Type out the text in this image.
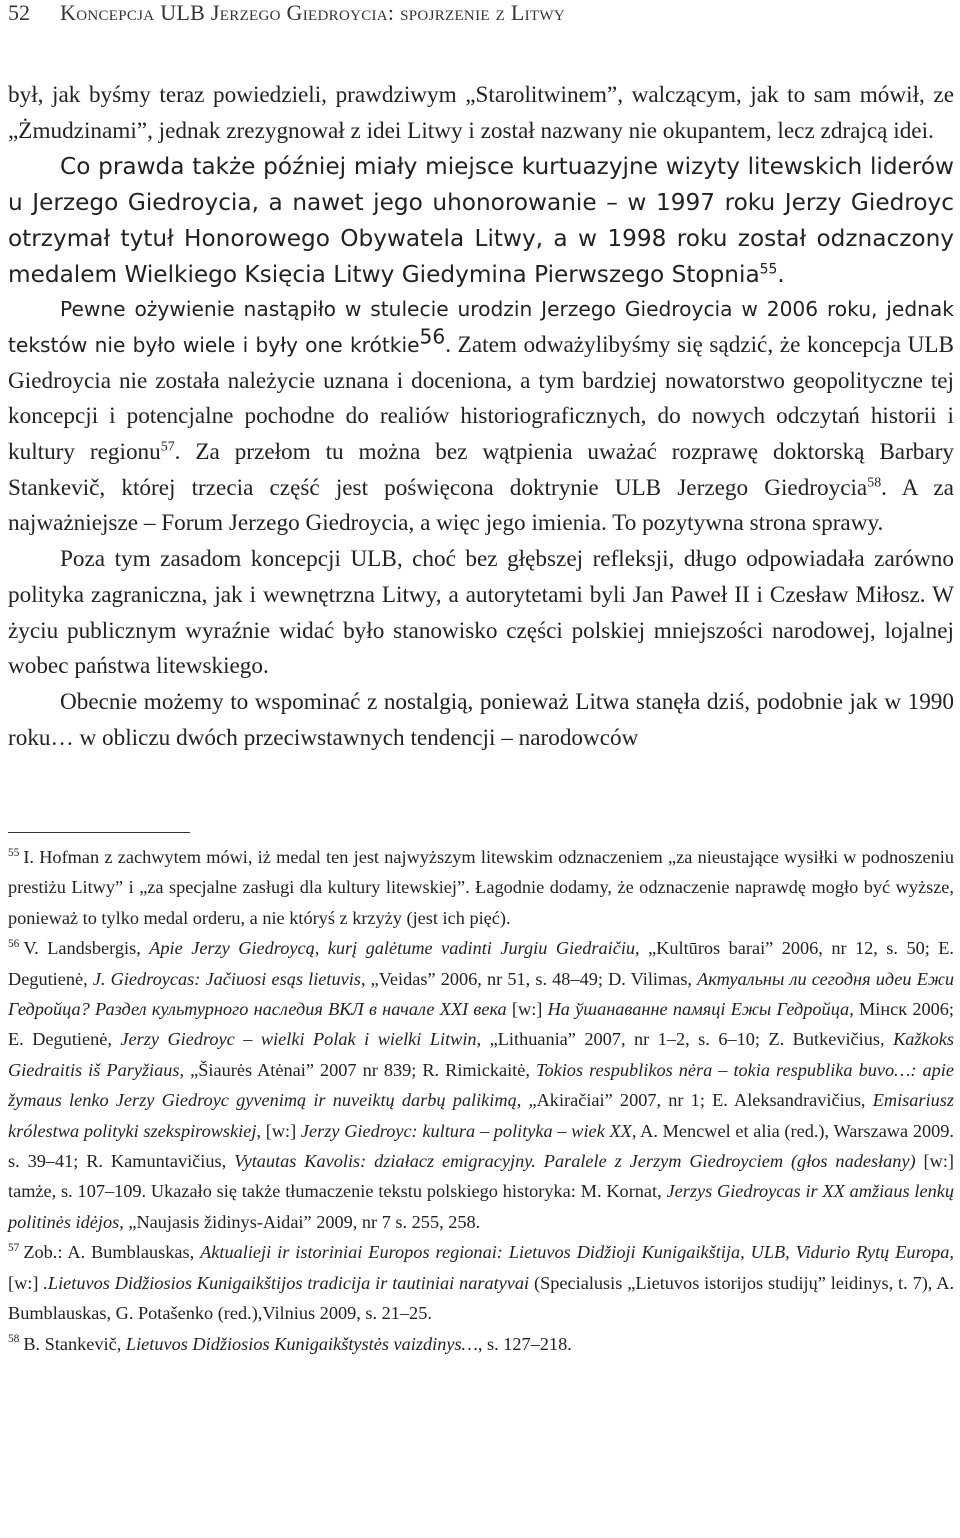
52 Koncepcja ULB Jerzego Giedroycia: spojrzenie z Litwy

był, jak byśmy teraz powiedzieli, prawdziwym „Starolitwinem”, walczącym, jak to sam mówił, ze „Żmudzinami”, jednak zrezygnował z idei Litwy i został nazwany nie okupantem, lecz zdrajcą idei.

Co prawda także później miały miejsce kurtuazyjne wizyty litewskich liderów u Jerzego Giedroycia, a nawet jego uhonorowanie – w 1997 roku Jerzy Giedroyc otrzymał tytuł Honorowego Obywatela Litwy, a w 1998 roku został odznaczony medalem Wielkiego Księcia Litwy Giedymina Pierwszego Stopnia$^{55}$.

Pewne ożywienie nastąpiło w stulecie urodzin Jerzego Giedroycia w 2006 roku, jednak tekstów nie było wiele i były one krótkie$^{56}$. Zatem odważylibyśmy się sądzić, że koncepcja ULB Giedroycia nie została należycie uznana i doceniona, a tym bardziej nowatorstwo geopolityczne tej koncepcji i potencjalne pochodne do realiów historiograficznych, do nowych odczytań historii i kultury regionu$^{57}$. Za przełom tu można bez wątpienia uważać rozprawę doktorską Barbary Stankevič, której trzecia część jest poświęcona doktrynie ULB Jerzego Giedroycia$^{58}$. A za najważniejsze – Forum Jerzego Giedroycia, a więc jego imienia. To pozytywna strona sprawy.

Poza tym zasadom koncepcji ULB, choć bez głębszej refleksji, długo odpowiadała zarówno polityka zagraniczna, jak i wewnętrzna Litwy, a autorytetami byli Jan Paweł II i Czesław Miłosz. W życiu publicznym wyraźnie widać było stanowisko części polskiej mniejszości narodowej, lojalnej wobec państwa litewskiego.

Obecnie możemy to wspominać z nostalgią, ponieważ Litwa stanęła dziś, podobnie jak w 1990 roku… w obliczu dwóch przeciwstawnych tendencji – narodowców

$^{55}$ I. Hofman z zachwytem mówi, iż medal ten jest najwyższym litewskim odznaczeniem „za nieustające wysiłki w podnoszeniu prestiżu Litwy” i „za specjalne zasługi dla kultury litewskiej”. Łagodnie dodamy, że odznaczenie naprawdę mogło być wyższe, ponieważ to tylko medal orderu, a nie któryś z krzyży (jest ich pięć).

$^{56}$ V. Landsbergis, Apie Jerzy Giedroycą, kurį galėtume vadinti Jurgiu Giedraičiu, „Kultūros barai” 2006, nr 12, s. 50; E. Degutienė, J. Giedroycas: Jačiuosi esąs lietuvis, „Veidas” 2006, nr 51, s. 48–49; D. Vilimas, Актуальны ли сегодня идеи Ежи Гедройца? Раздел культурного наследия ВКЛ в начале XXI века [w:] На ўшанаванне памяці Ежы Гедройца, Мінск 2006; E. Degutienė, Jerzy Giedroyc – wielki Polak i wielki Litwin, „Lithuania” 2007, nr 1–2, s. 6–10; Z. Butkevičius, Kažkoks Giedraitis iš Paryžiaus, „Šiaurės Atėnai” 2007 nr 839; R. Rimickaitė, Tokios respublikos nėra – tokia respublika buvo…: apie žymaus lenko Jerzy Giedroyc gyvenimą ir nuveiktų darbų palikimą, „Akiračiai” 2007, nr 1; E. Aleksandravičius, Emisariusz królestwa polityki szekspirowskiej, [w:] Jerzy Giedroyc: kultura – polityka – wiek XX, A. Mencwel et alia (red.), Warszawa 2009. s. 39–41; R. Kamuntavičius, Vytautas Kavolis: działacz emigracyjny. Paralele z Jerzym Giedroyciem (głos nadesłany) [w:] tamże, s. 107–109. Ukazało się także tłumaczenie tekstu polskiego historyka: M. Kornat, Jerzys Giedroycas ir XX amžiaus lenkų politinės idėjos, „Naujasis židinys-Aidai” 2009, nr 7 s. 255, 258.

$^{57}$ Zob.: A. Bumblauskas, Aktualieji ir istoriniai Europos regionai: Lietuvos Didžioji Kunigaikštija, ULB, Vidurio Rytų Europa, [w:] .Lietuvos Didžiosios Kunigaikštijos tradicija ir tautiniai naratyvai (Specialusis „Lietuvos istorijos studijų” leidinys, t. 7), A. Bumblauskas, G. Potašenko (red.),Vilnius 2009, s. 21–25.

$^{58}$ B. Stankevič, Lietuvos Didžiosios Kunigaikštystės vaizdinys…, s. 127–218.
